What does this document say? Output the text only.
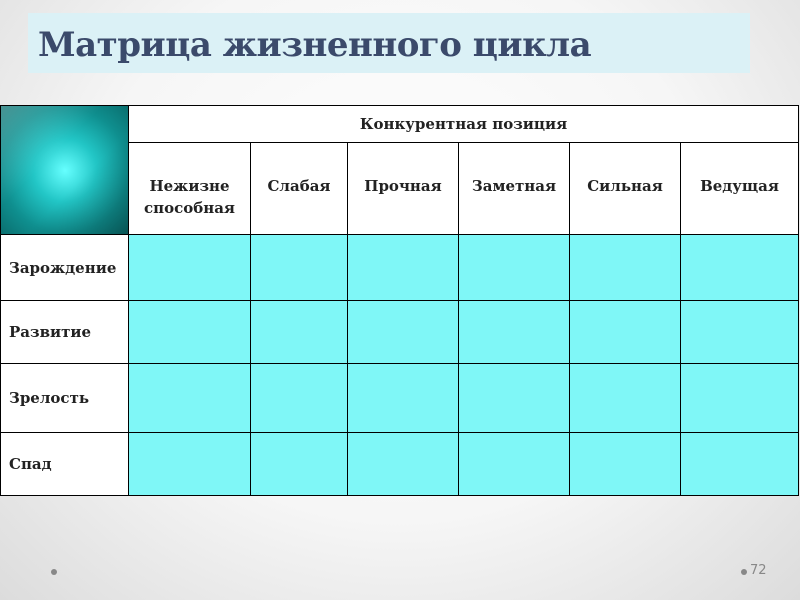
Матрица жизненного цикла
	Конкурентная позиция					
	Нежизне
способная	Слабая	Прочная	Заметная	Сильная	Ведущая
Зарождение						
Развитие						
Зрелость						
Спад						
72
